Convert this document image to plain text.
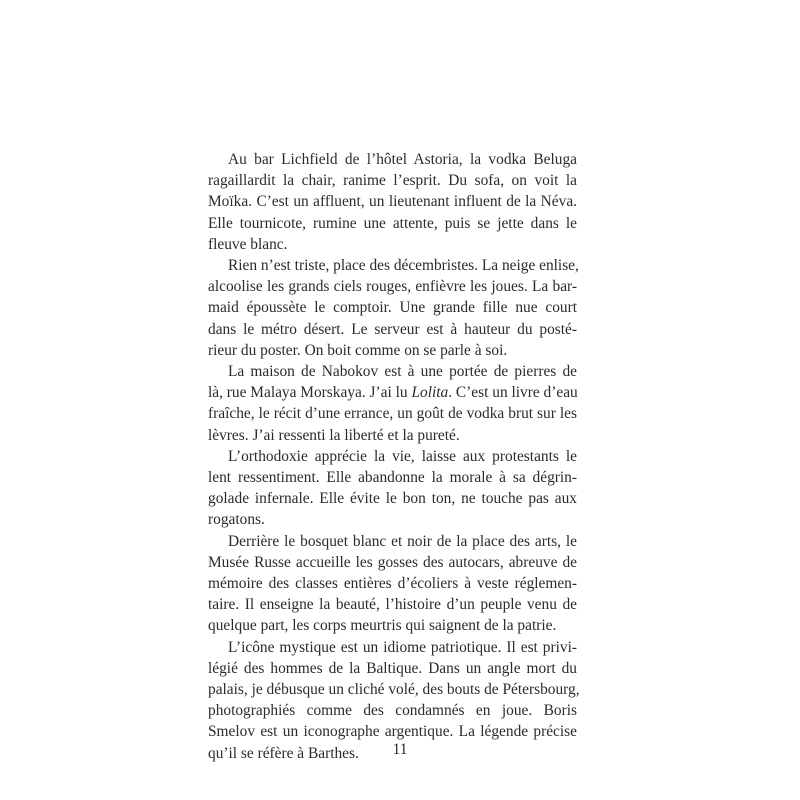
Au bar Lichfield de l’hôtel Astoria, la vodka Beluga
ragaillardit la chair, ranime l’esprit. Du sofa, on voit la
Moïka. C’est un affluent, un lieutenant influent de la Néva.
Elle tournicote, rumine une attente, puis se jette dans le
fleuve blanc.

Rien n’est triste, place des décembristes. La neige enlise,
alcoolise les grands ciels rouges, enfièvre les joues. La bar-
maid époussète le comptoir. Une grande fille nue court
dans le métro désert. Le serveur est à hauteur du posté-
rieur du poster. On boit comme on se parle à soi.

La maison de Nabokov est à une portée de pierres de
là, rue Malaya Morskaya. J’ai lu Lolita. C’est un livre d’eau
fraîche, le récit d’une errance, un goût de vodka brut sur les
lèvres. J’ai ressenti la liberté et la pureté.

L’orthodoxie apprécie la vie, laisse aux protestants le
lent ressentiment. Elle abandonne la morale à sa dégrin-
golade infernale. Elle évite le bon ton, ne touche pas aux
rogatons.

Derrière le bosquet blanc et noir de la place des arts, le
Musée Russe accueille les gosses des autocars, abreuve de
mémoire des classes entières d’écoliers à veste réglemen-
taire. Il enseigne la beauté, l’histoire d’un peuple venu de
quelque part, les corps meurtris qui saignent de la patrie.

L’icône mystique est un idiome patriotique. Il est privi-
légié des hommes de la Baltique. Dans un angle mort du
palais, je débusque un cliché volé, des bouts de Pétersbourg,
photographiés comme des condamnés en joue. Boris
Smelov est un iconographe argentique. La légende précise
qu’il se réfère à Barthes.	11
